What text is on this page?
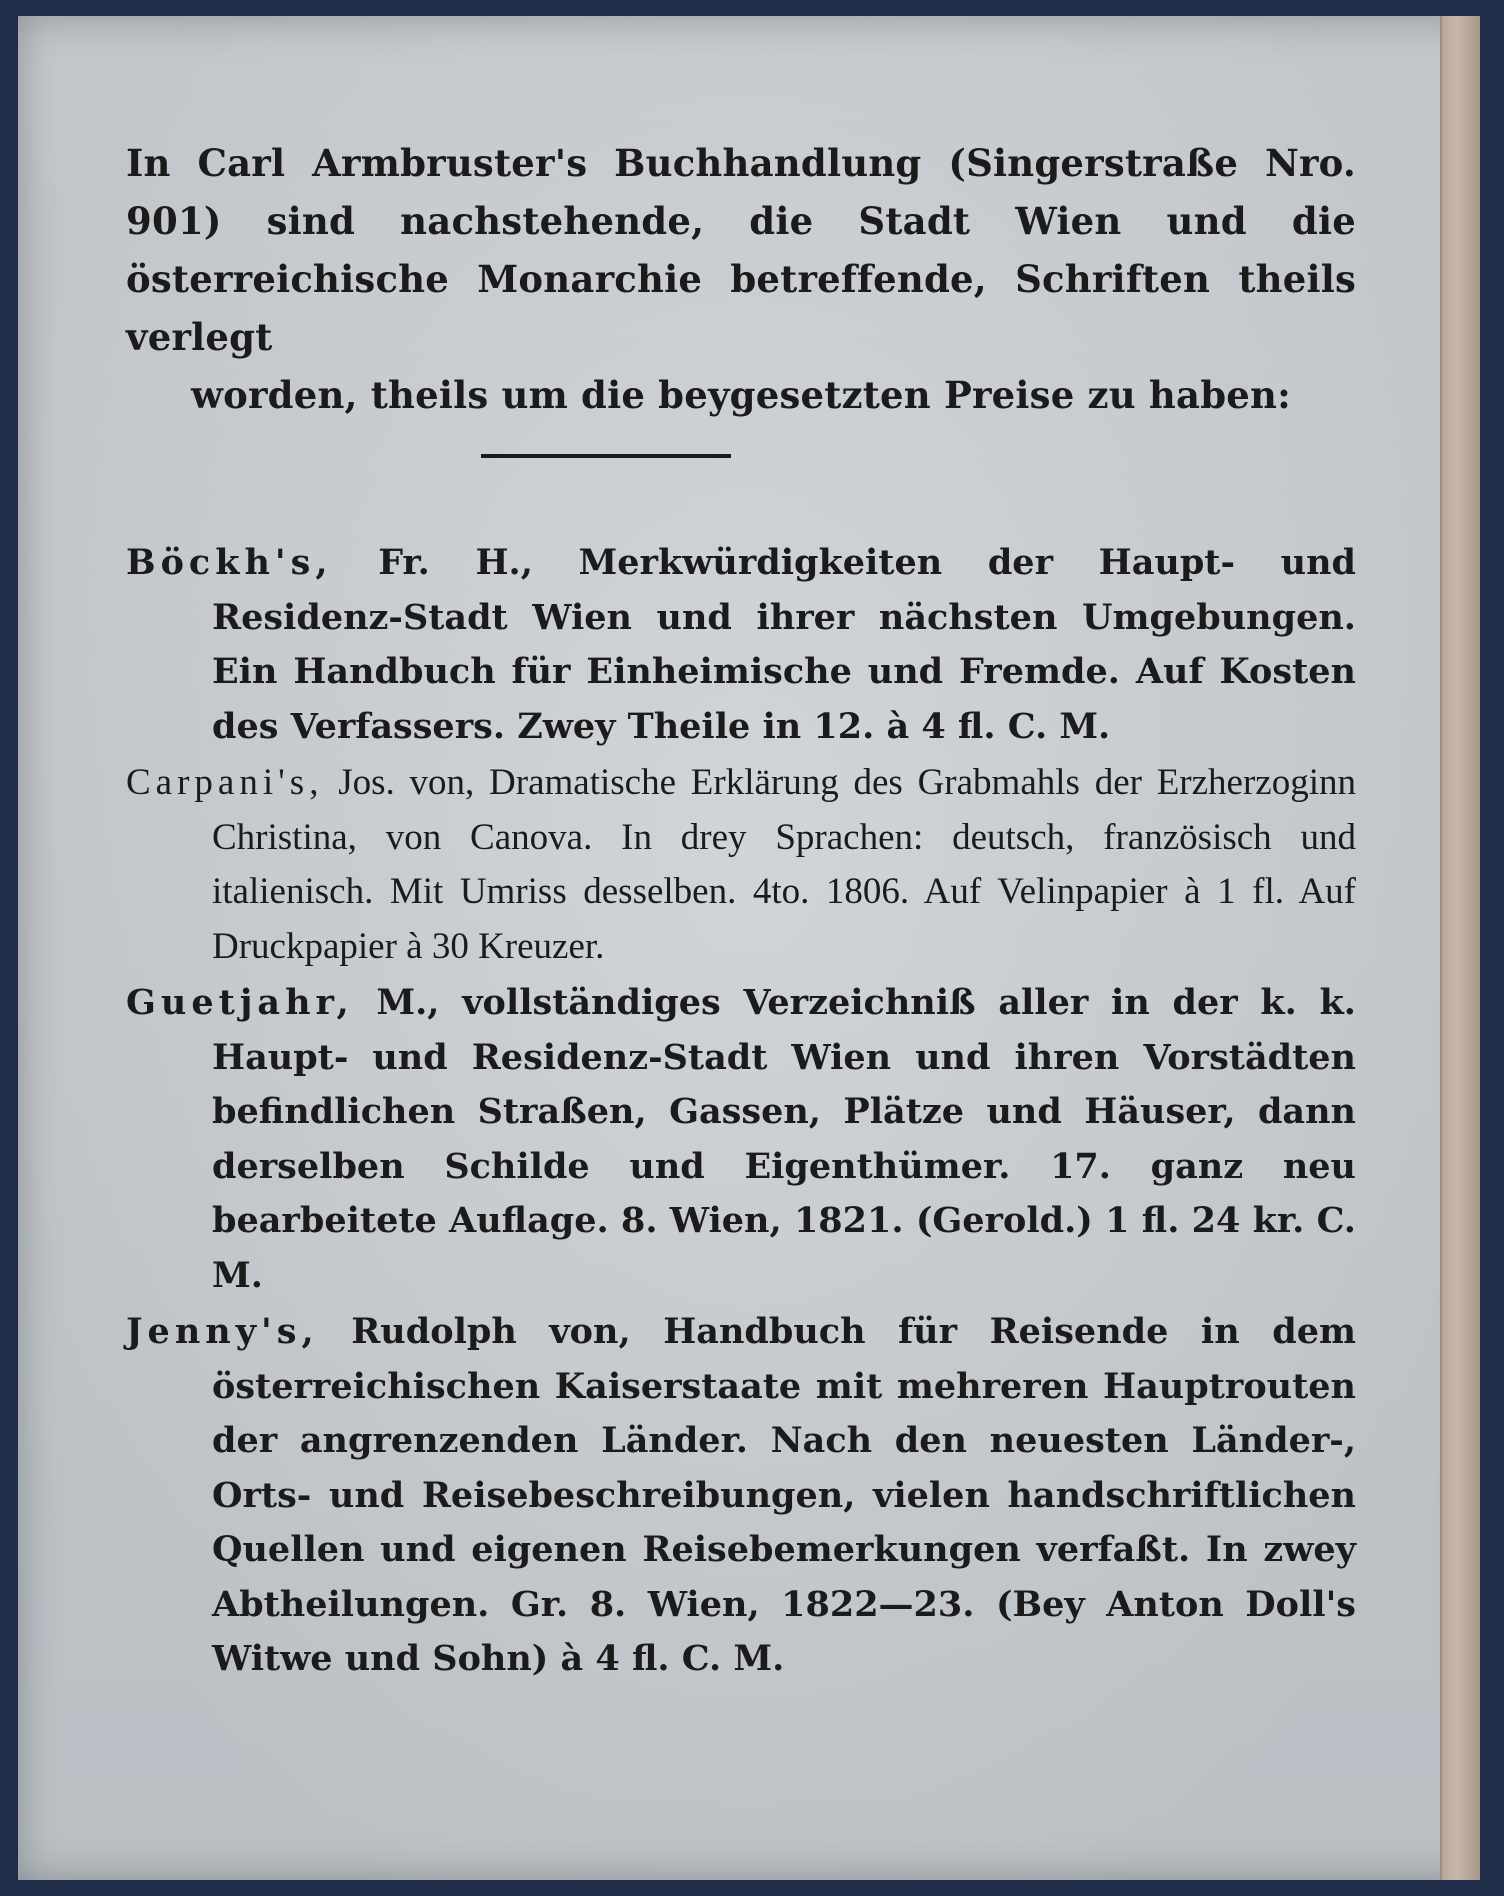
In Carl Armbruster's Buchhandlung (Singerstraße Nro. 901) sind nachstehende, die Stadt Wien und die österreichische Monarchie betreffende, Schriften theils verlegt

worden, theils um die beygesetzten Preise zu haben:

Böckh's, Fr. H., Merkwürdigkeiten der Haupt- und Residenz-Stadt Wien und ihrer nächsten Umgebungen. Ein Handbuch für Einheimische und Fremde. Auf Kosten des Verfassers. Zwey Theile in 12. à 4 fl. C. M.

Carpani's, Jos. von, Dramatische Erklärung des Grabmahls der Erzherzoginn Christina, von Canova. In drey Sprachen: deutsch, französisch und italienisch. Mit Umriss desselben. 4to. 1806. Auf Velinpapier à 1 fl. Auf Druckpapier à 30 Kreuzer.

Guetjahr, M., vollständiges Verzeichniß aller in der k. k. Haupt- und Residenz-Stadt Wien und ihren Vorstädten befindlichen Straßen, Gassen, Plätze und Häuser, dann derselben Schilde und Eigenthümer. 17. ganz neu bearbeitete Auflage. 8. Wien, 1821. (Gerold.) 1 fl. 24 kr. C. M.

Jenny's, Rudolph von, Handbuch für Reisende in dem österreichischen Kaiserstaate mit mehreren Hauptrouten der angrenzenden Länder. Nach den neuesten Länder-, Orts- und Reisebeschreibungen, vielen handschriftlichen Quellen und eigenen Reisebemerkungen verfaßt. In zwey Abtheilungen. Gr. 8. Wien, 1822—23. (Bey Anton Doll's Witwe und Sohn) à 4 fl. C. M.
